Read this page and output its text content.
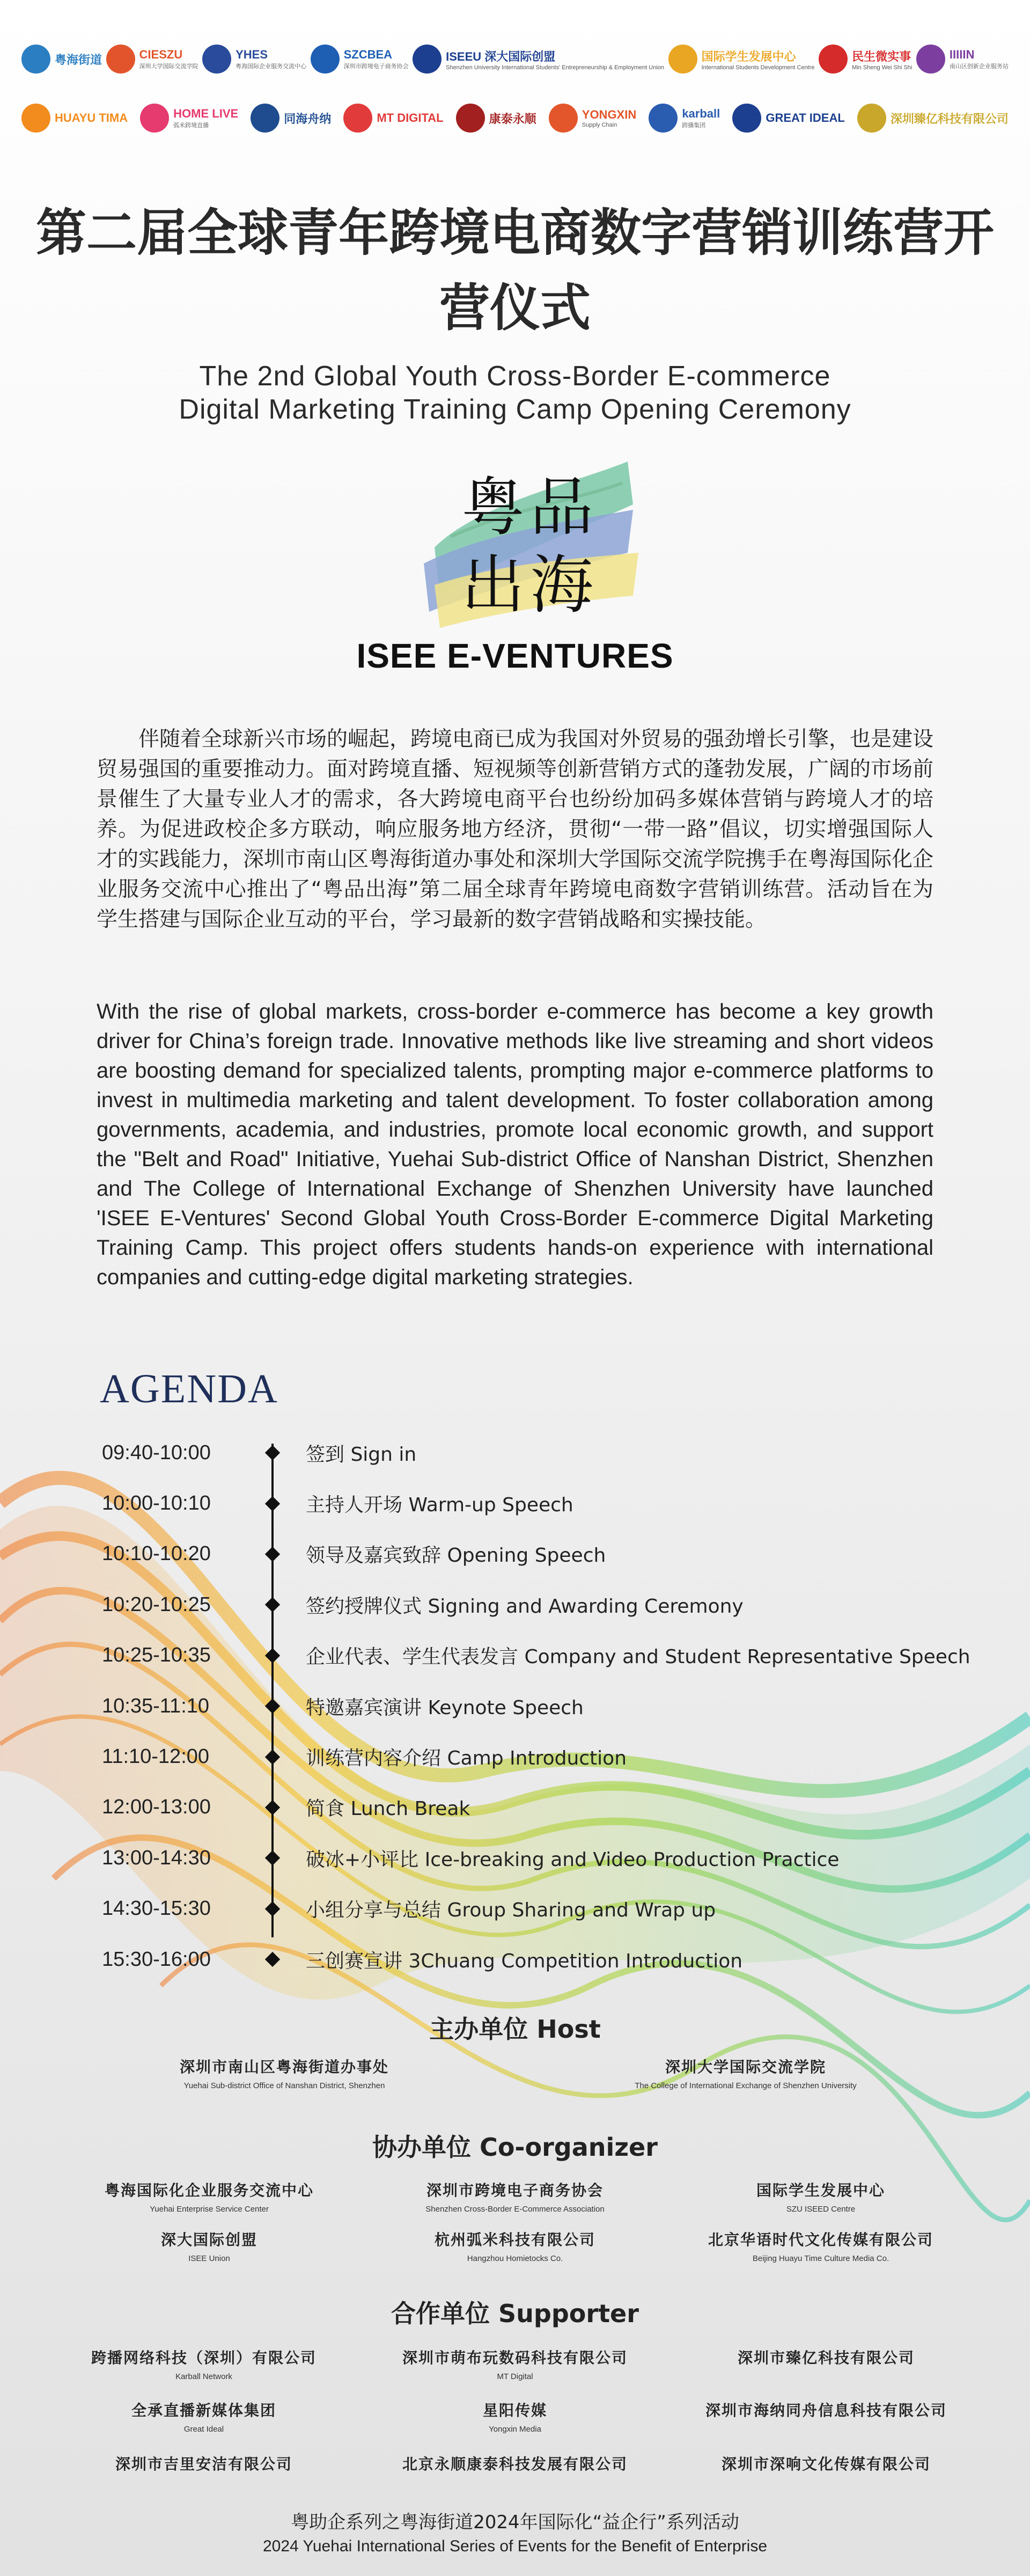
粤海街道	CIESZU
深圳大学国际交流学院
YHES
粤海国际企业服务交流中心
SZCBEA
深圳市跨境电子商务协会
ISEEU 深大国际创盟
Shenzhen University International Students' Entrepreneurship & Employment Union
国际学生发展中心
International Students Development Centre
民生微实事
Min Sheng Wei Shi Shi
IIIIIN
南山区创新企业服务站
HUAYU TIMA	HOME LIVE
弧米跨境直播
同海舟纳	MT DIGITAL	康泰永顺	YONGXIN
Supply Chain
karball
跨播集团
GREAT IDEAL	深圳臻亿科技有限公司
第二届全球青年跨境电商数字营销训练营开营仪式
The 2nd Global Youth Cross-Border E-commerce
Digital Marketing Training Camp Opening Ceremony
粤品
出海
ISEE E-VENTURES

伴随着全球新兴市场的崛起，跨境电商已成为我国对外贸易的强劲增长引擎，也是建设贸易强国的重要推动力。面对跨境直播、短视频等创新营销方式的蓬勃发展，广阔的市场前景催生了大量专业人才的需求，各大跨境电商平台也纷纷加码多媒体营销与跨境人才的培养。为促进政校企多方联动，响应服务地方经济，贯彻“一带一路”倡议，切实增强国际人才的实践能力，深圳市南山区粤海街道办事处和深圳大学国际交流学院携手在粤海国际化企业服务交流中心推出了“粤品出海”第二届全球青年跨境电商数字营销训练营。活动旨在为学生搭建与国际企业互动的平台，学习最新的数字营销战略和实操技能。

With the rise of global markets, cross-border e-commerce has become a key growth driver for China’s foreign trade. Innovative methods like live streaming and short videos are boosting demand for specialized talents, prompting major e-commerce platforms to invest in multimedia marketing and talent development. To foster collaboration among governments, academia, and industries, promote local economic growth, and support the "Belt and Road" Initiative, Yuehai Sub-district Office of Nanshan District, Shenzhen and The College of International Exchange of Shenzhen University have launched 'ISEE E-Ventures' Second Global Youth Cross-Border E-commerce Digital Marketing Training Camp. This project offers students hands-on experience with international companies and cutting-edge digital marketing strategies.

AGENDA
09:40-10:00	签到 Sign in
10:00-10:10	主持人开场 Warm-up Speech
10:10-10:20	领导及嘉宾致辞 Opening Speech
10:20-10:25	签约授牌仪式 Signing and Awarding Ceremony
10:25-10:35	企业代表、学生代表发言 Company and Student Representative Speech
10:35-11:10	特邀嘉宾演讲 Keynote Speech
11:10-12:00	训练营内容介绍 Camp Introduction
12:00-13:00	简食 Lunch Break
13:00-14:30	破冰+小评比 Ice-breaking and Video Production Practice
14:30-15:30	小组分享与总结 Group Sharing and Wrap up
15:30-16:00	三创赛宣讲 3Chuang Competition Introduction
主办单位 Host
深圳市南山区粤海街道办事处
Yuehai Sub-district Office of Nanshan District, Shenzhen
深圳大学国际交流学院
The College of International Exchange of Shenzhen University
协办单位 Co-organizer
粤海国际化企业服务交流中心
Yuehai Enterprise Service Center
深圳市跨境电子商务协会
Shenzhen Cross-Border E-Commerce Association
国际学生发展中心
SZU ISEED Centre
深大国际创盟
ISEE Union
杭州弧米科技有限公司
Hangzhou Homietocks Co.
北京华语时代文化传媒有限公司
Beijing Huayu Time Culture Media Co.
合作单位 Supporter
跨播网络科技（深圳）有限公司
Karball Network
深圳市萌布玩数码科技有限公司
MT Digital
深圳市臻亿科技有限公司
全承直播新媒体集团
Great Ideal
星阳传媒
Yongxin Media
深圳市海纳同舟信息科技有限公司
深圳市吉里安洁有限公司	北京永顺康泰科技发展有限公司	深圳市深响文化传媒有限公司
粤助企系列之粤海街道2024年国际化“益企行”系列活动
2024 Yuehai International Series of Events for the Benefit of Enterprise
